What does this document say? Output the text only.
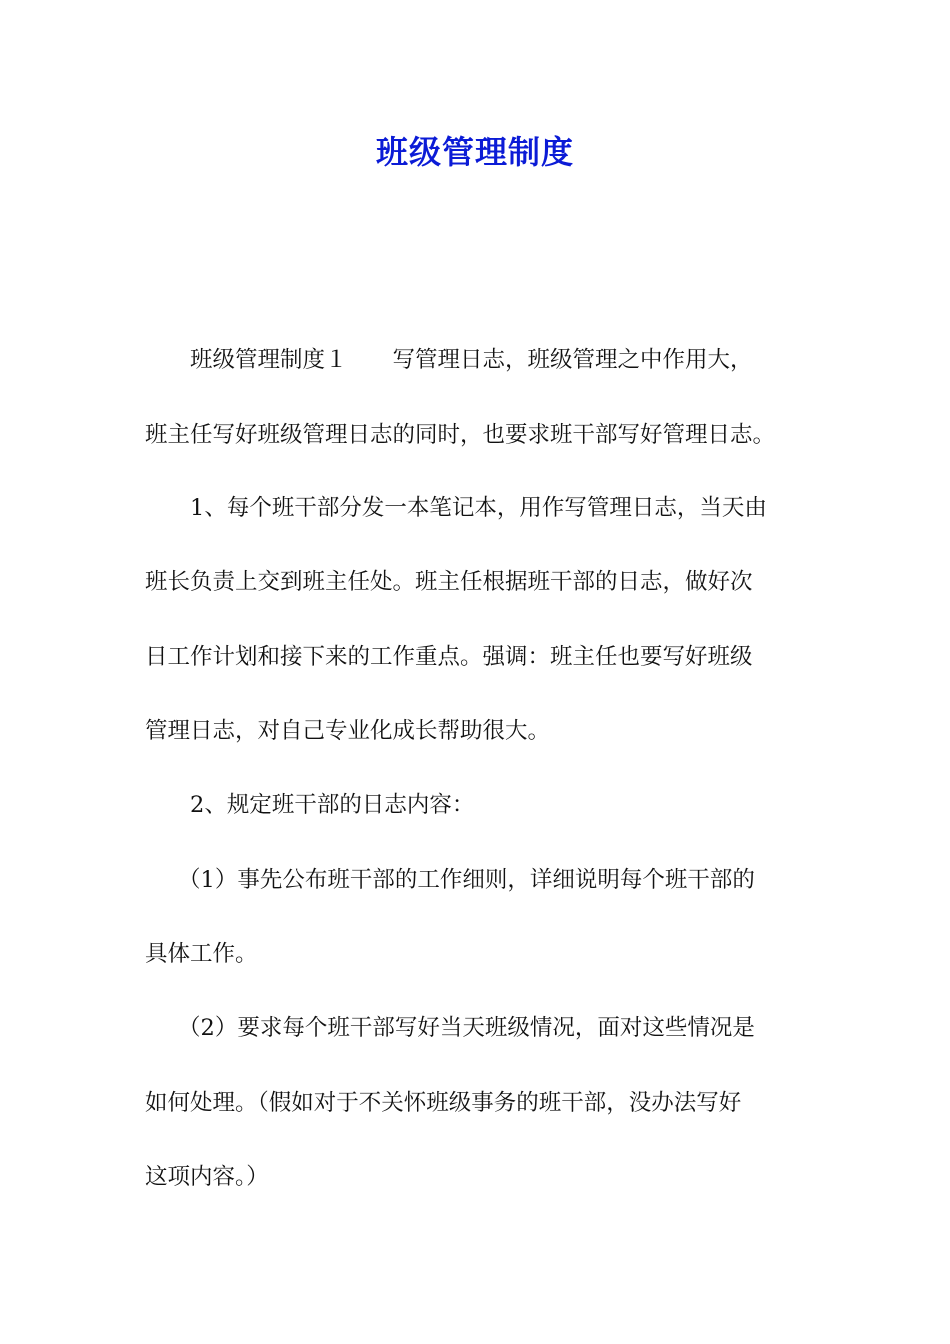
班级管理制度
班级管理制度１　　写管理日志，班级管理之中作用大，
班主任写好班级管理日志的同时，也要求班干部写好管理日志。
1、每个班干部分发一本笔记本，用作写管理日志，当天由
班长负责上交到班主任处。班主任根据班干部的日志，做好次
日工作计划和接下来的工作重点。强调：班主任也要写好班级
管理日志，对自己专业化成长帮助很大。
2、规定班干部的日志内容：
（1）事先公布班干部的工作细则，详细说明每个班干部的
具体工作。
（2）要求每个班干部写好当天班级情况，面对这些情况是
如何处理。（假如对于不关怀班级事务的班干部，没办法写好
这项内容。）
